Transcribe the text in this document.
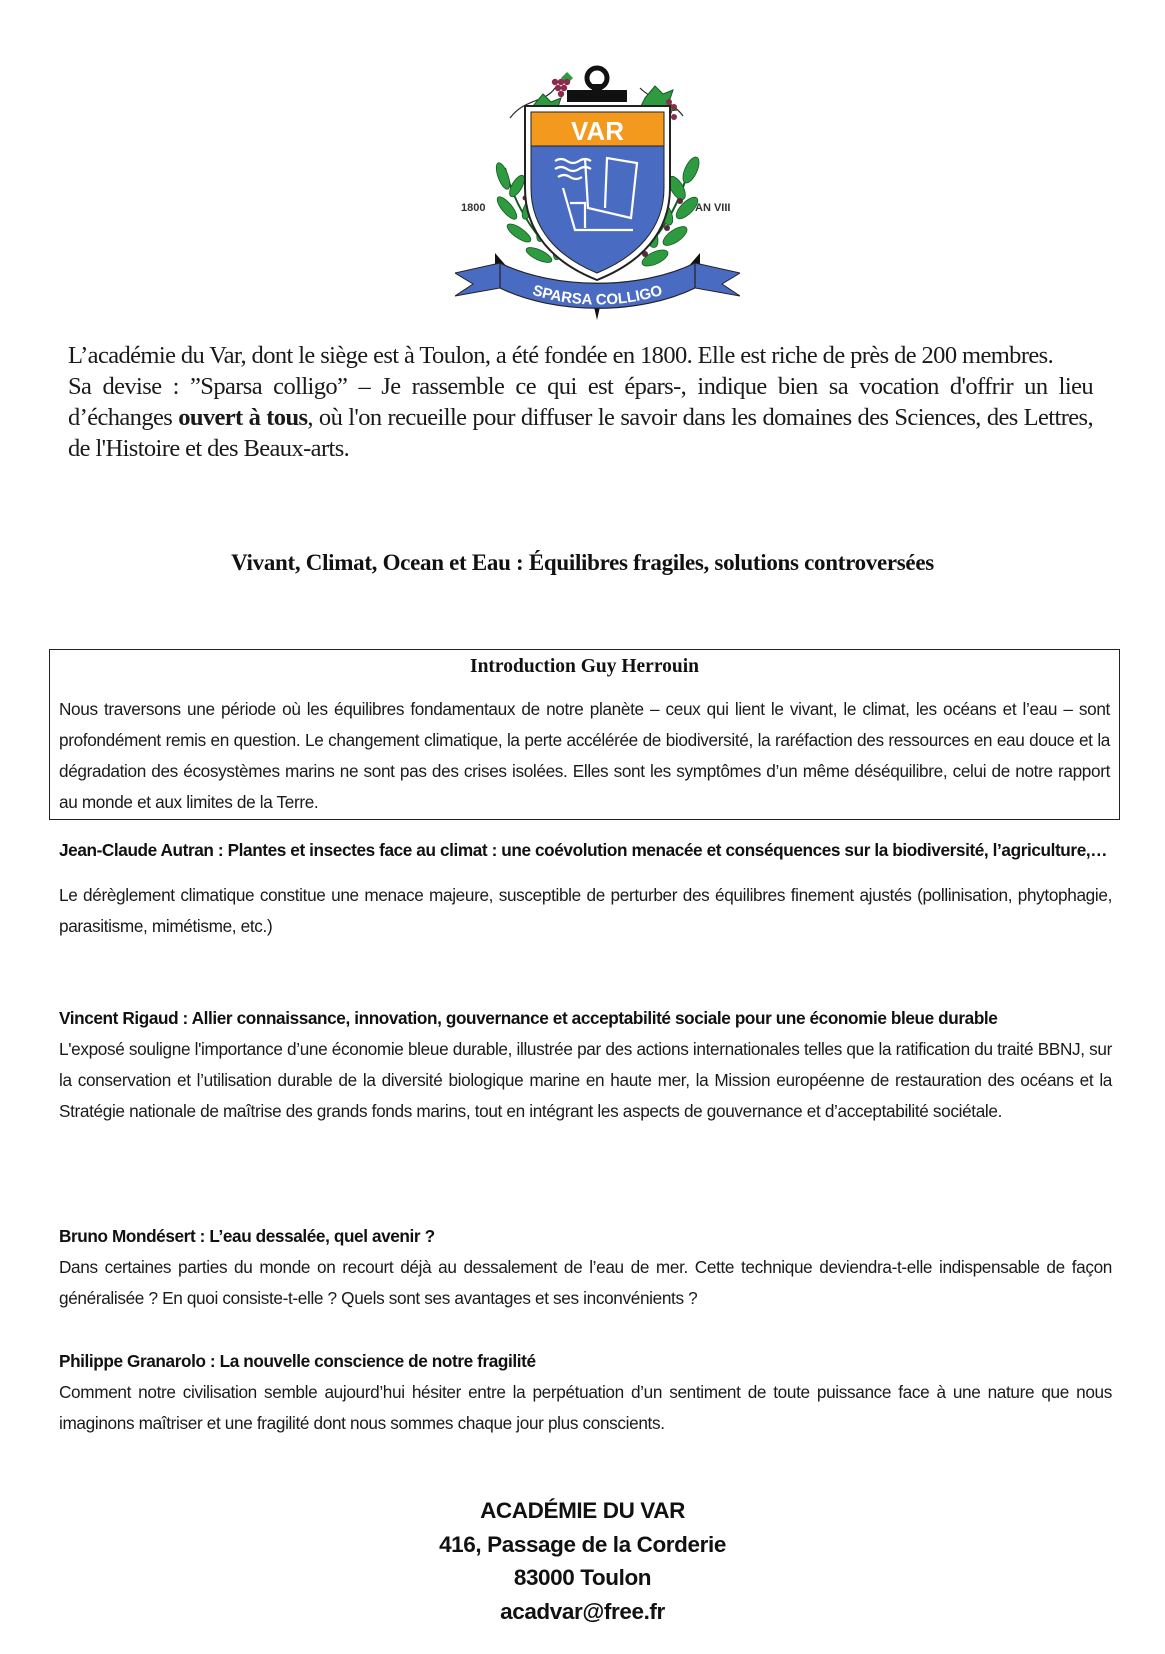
VAR
1800	AN VIII
SPARSA COLLIGO

L’académie du Var, dont le siège est à Toulon, a été fondée en 1800. Elle est riche de près de 200 membres.

Sa devise : ”Sparsa colligo” – Je rassemble ce qui est épars-, indique bien sa vocation d'offrir un lieu d’échanges ouvert à tous, où l'on recueille pour diffuser le savoir dans les domaines des Sciences, des Lettres, de l'Histoire et des Beaux-arts.

Vivant, Climat, Ocean et Eau : Équilibres fragiles, solutions controversées
Introduction Guy Herrouin

Nous traversons une période où les équilibres fondamentaux de notre planète – ceux qui lient le vivant, le climat, les océans et l’eau – sont profondément remis en question. Le changement climatique, la perte accélérée de biodiversité, la raréfaction des ressources en eau douce et la dégradation des écosystèmes marins ne sont pas des crises isolées. Elles sont les symptômes d’un même déséquilibre, celui de notre rapport au monde et aux limites de la Terre.

Jean-Claude Autran : Plantes et insectes face au climat : une coévolution menacée et conséquences sur la biodiversité, l’agriculture,…

Le dérèglement climatique constitue une menace majeure, susceptible de perturber des équilibres finement ajustés (pollinisation, phytophagie, parasitisme, mimétisme, etc.)

Vincent Rigaud : Allier connaissance, innovation, gouvernance et acceptabilité sociale pour une économie bleue durable

L'exposé souligne l'importance d’une économie bleue durable, illustrée par des actions internationales telles que la ratification du traité BBNJ, sur la conservation et l’utilisation durable de la diversité biologique marine en haute mer, la Mission européenne de restauration des océans et la Stratégie nationale de maîtrise des grands fonds marins, tout en intégrant les aspects de gouvernance et d’acceptabilité sociétale.

Bruno Mondésert : L’eau dessalée, quel avenir ?

Dans certaines parties du monde on recourt déjà au dessalement de l’eau de mer. Cette technique deviendra-t-elle indispensable de façon généralisée ? En quoi consiste-t-elle ? Quels sont ses avantages et ses inconvénients ?

Philippe Granarolo : La nouvelle conscience de notre fragilité

Comment notre civilisation semble aujourd’hui hésiter entre la perpétuation d’un sentiment de toute puissance face à une nature que nous imaginons maîtriser et une fragilité dont nous sommes chaque jour plus conscients.

ACADÉMIE DU VAR
416, Passage de la Corderie
83000 Toulon
acadvar@free.fr
